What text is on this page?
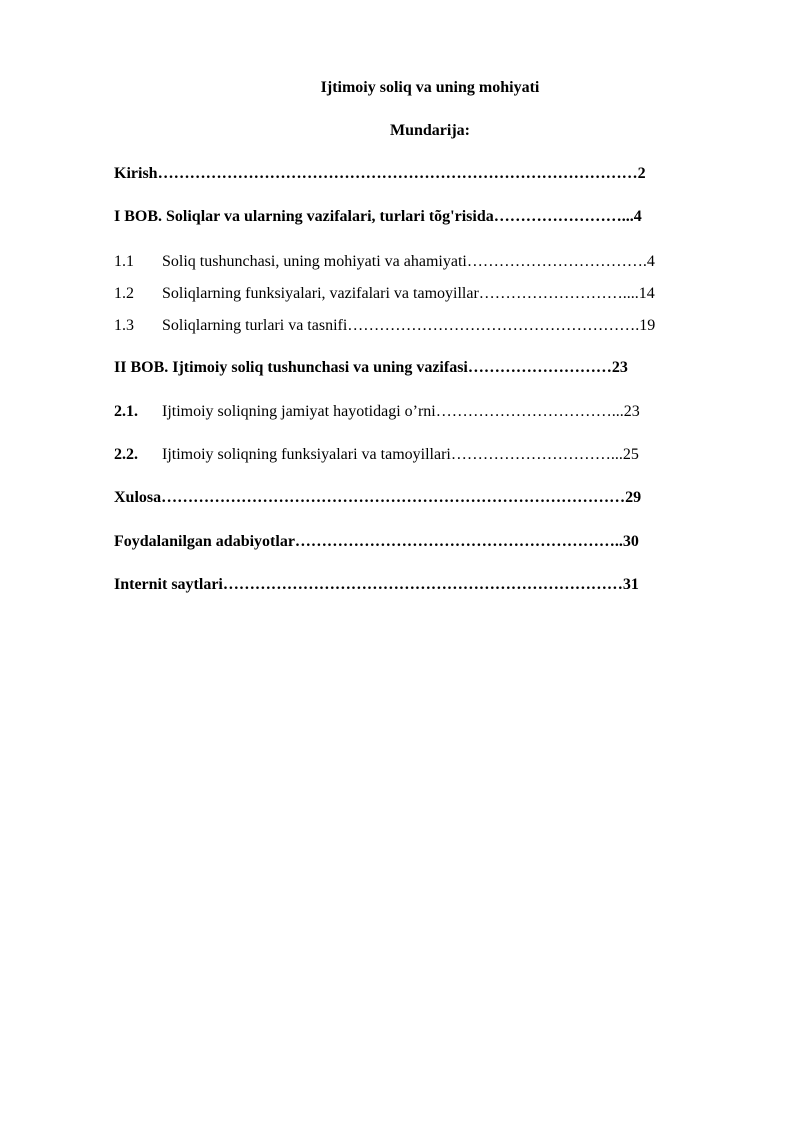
Ijtimoiy soliq va uning mohiyati
Mundarija:
Kirish………………………………………………………………………………2
I BOB. Soliqlar va ularning vazifalari, turlari tõg'risida……………………...4
1.1 Soliq tushunchasi, uning mohiyati va ahamiyati…………………………….4
1.2 Soliqlarning funksiyalari, vazifalari va tamoyillar………………………....14
1.3 Soliqlarning turlari va tasnifi……………………………………………….19
II BOB. Ijtimoiy soliq tushunchasi va uning vazifasi………………………23
2.1. Ijtimoiy soliqning jamiyat hayotidagi o’rni……………………………...23
2.2. Ijtimoiy soliqning funksiyalari va tamoyillari…………………………...25
Xulosa……………………………………………………………………………29
Foydalanilgan adabiyotlar……………………………………………………..30
Internit saytlari…………………………………………………………………31
